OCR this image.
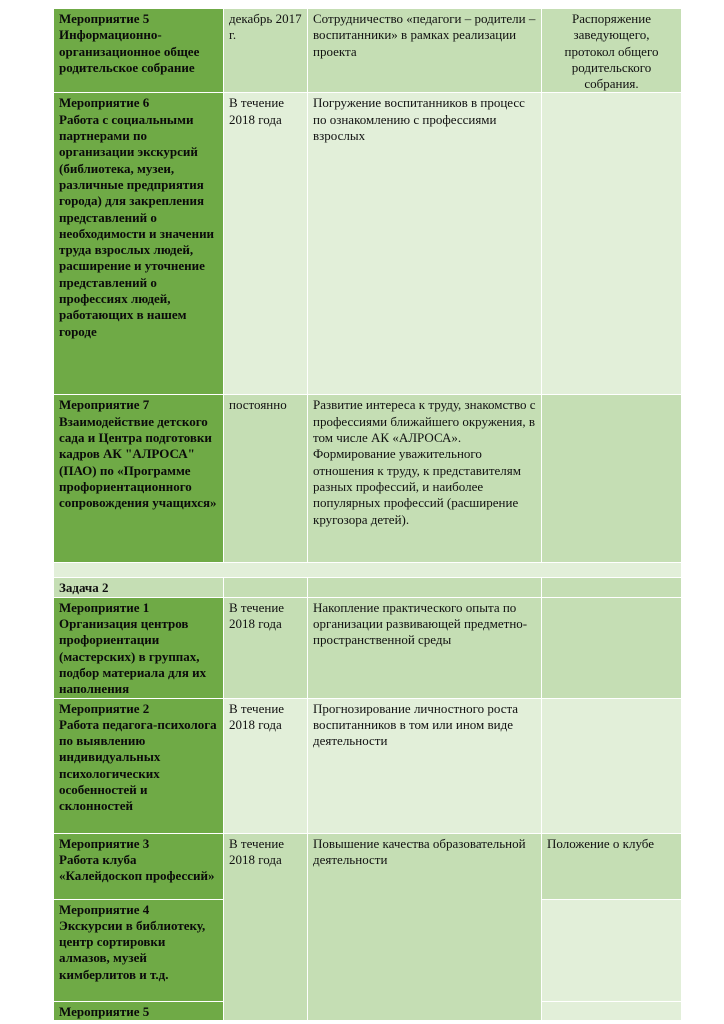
Мероприятие 5
Информационно-организационное общее родительское собрание	декабрь 2017 г.	Сотрудничество «педагоги – родители – воспитанники» в рамках реализации проекта	Распоряжение заведующего, протокол общего родительского собрания.

Мероприятие 6
Работа с социальными партнерами по организации экскурсий (библиотека, музеи, различные предприятия города) для закрепления представлений о необходимости и значении труда взрослых людей, расширение и уточнение представлений о профессиях людей, работающих в нашем городе	В течение 2018 года	Погружение воспитанников в процесс по ознакомлению с профессиями взрослых	

Мероприятие 7
Взаимодействие детского сада и Центра подготовки кадров АК "АЛРОСА" (ПАО) по «Программе профориентационного сопровождения учащихся»	постоянно	Развитие интереса к труду, знакомство с профессиями ближайшего окружения, в том числе АК «АЛРОСА». Формирование уважительного отношения к труду, к представителям разных профессий, и наиболее популярных профессий (расширение кругозора детей).	

Задача 2			

Мероприятие 1
Организация центров профориентации (мастерских) в группах, подбор материала для их наполнения	В течение 2018 года	Накопление практического опыта по организации развивающей предметно-пространственной среды	

Мероприятие 2
Работа педагога-психолога по выявлению индивидуальных психологических особенностей и склонностей	В течение 2018 года	Прогнозирование личностного роста воспитанников в том или ином виде деятельности	

Мероприятие 3
Работа клуба «Калейдоскоп профессий»	В течение 2018 года	Повышение качества образовательной деятельности	Положение о клубе

Мероприятие 4
Экскурсии в библиотеку, центр сортировки алмазов, музей кимберлитов и т.д.			

Мероприятие 5			
